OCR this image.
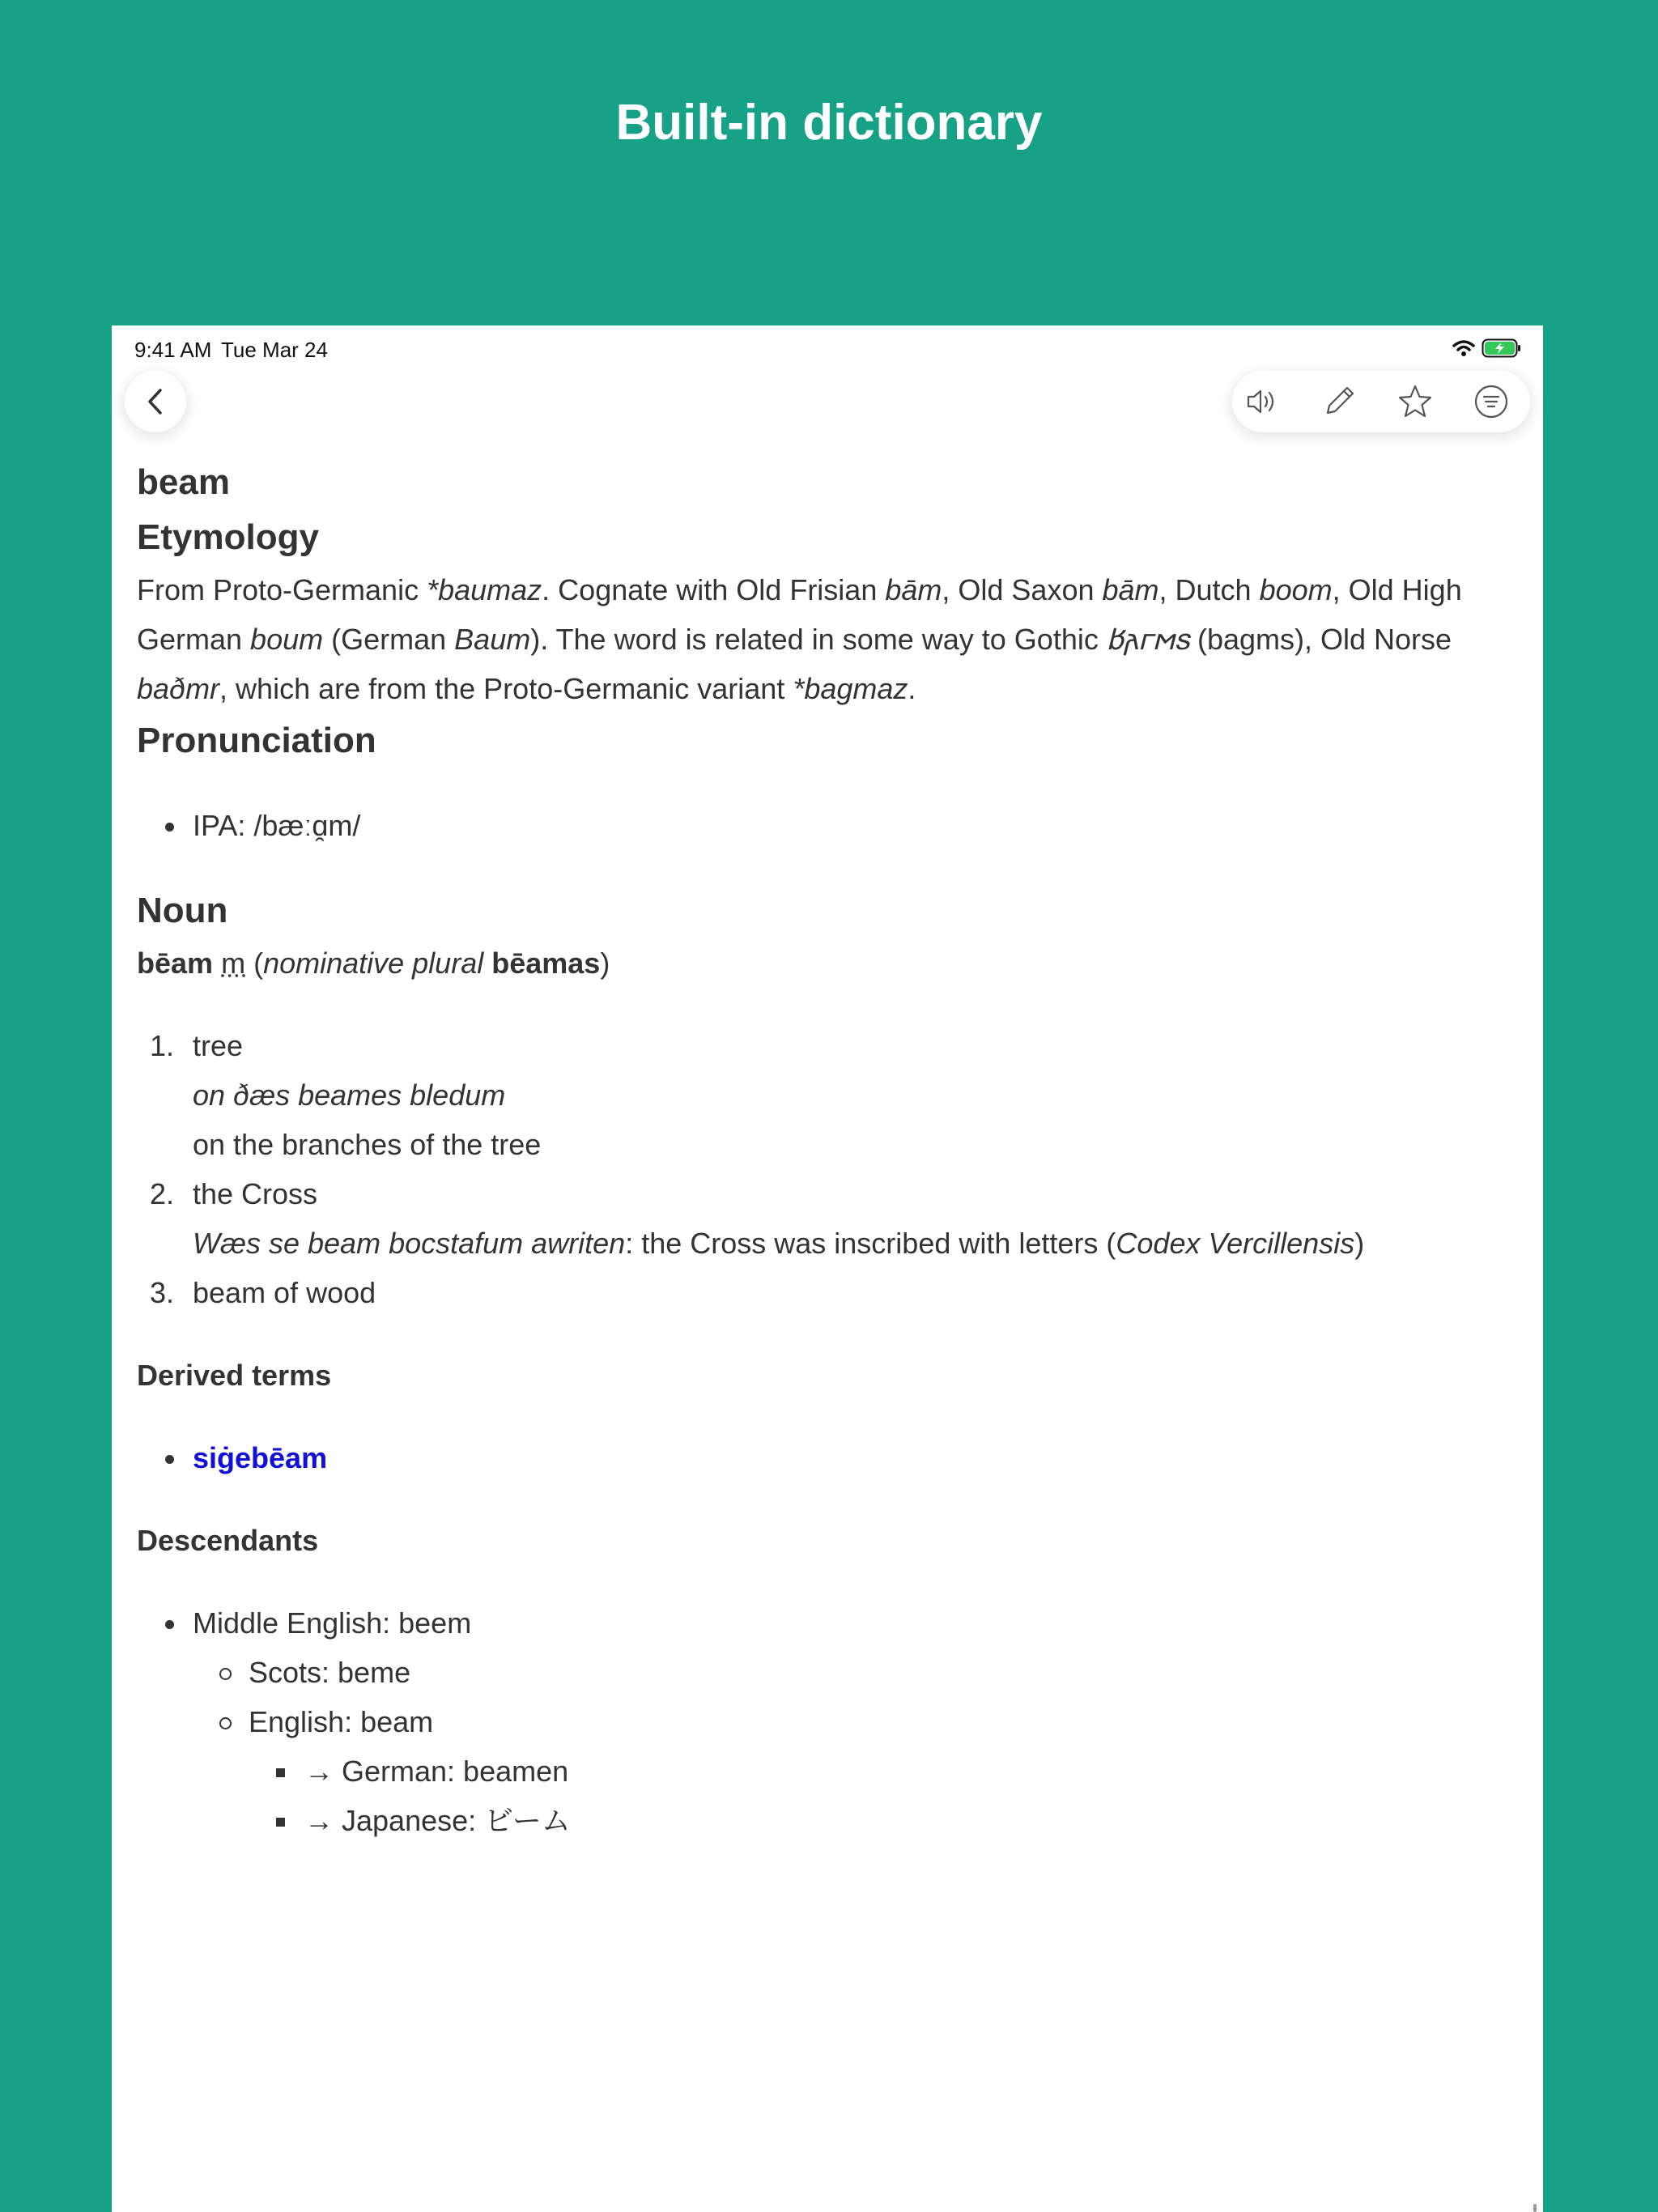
Built-in dictionary
9:41 AM Tue Mar 24

beam

Etymology

From Proto-Germanic *baumaz. Cognate with Old Frisian bām, Old Saxon bām, Dutch boom, Old High German boum (German Baum). The word is related in some way to Gothic 𐌱𐌰𐌲𐌼𐍃 (bagms), Old Norse baðmr, which are from the Proto-Germanic variant *bagmaz.

Pronunciation

IPA: /bæːɑ̯m/

Noun

bēam m (nominative plural bēamas)

1. tree
on ðæs beames bledum
on the branches of the tree
2. the Cross
Wæs se beam bocstafum awriten: the Cross was inscribed with letters (Codex Vercillensis)
3. beam of wood

Derived terms

siġebēam

Descendants

Middle English: beem
Scots: beme
English: beam
→ German: beamen
→ Japanese: ビーム
